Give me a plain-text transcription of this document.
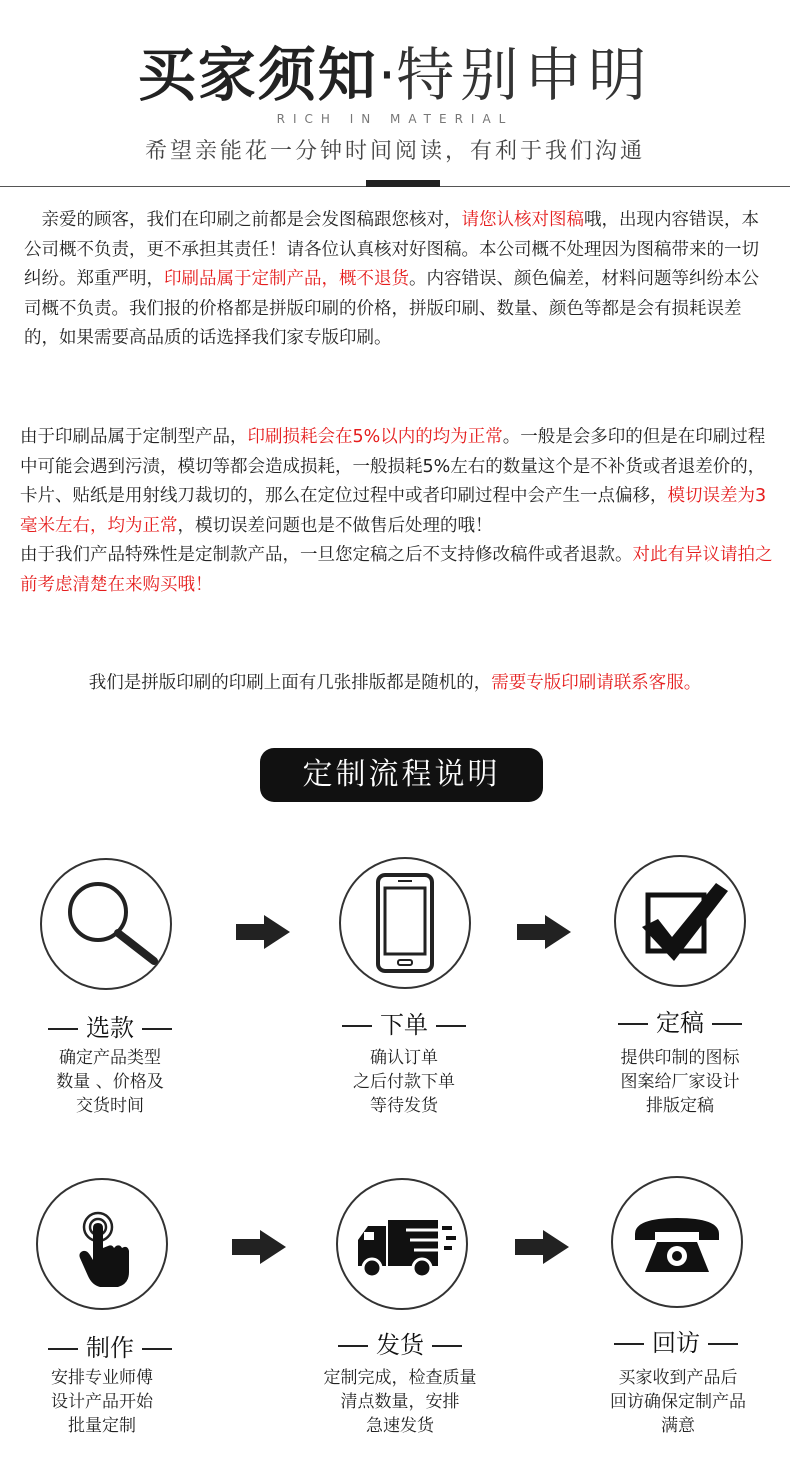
买家须知·特别申明
RICH IN MATERIAL
希望亲能花一分钟时间阅读，有利于我们沟通
亲爱的顾客，我们在印刷之前都是会发图稿跟您核对，请您认核对图稿哦，出现内容错误，本公司概不负责，更不承担其责任！请各位认真核对好图稿。本公司概不处理因为图稿带来的一切纠纷。郑重严明，印刷品属于定制产品，概不退货。内容错误、颜色偏差，材料问题等纠纷本公司概不负责。我们报的价格都是拼版印刷的价格，拼版印刷、数量、颜色等都是会有损耗误差的，如果需要高品质的话选择我们家专版印刷。
由于印刷品属于定制型产品，印刷损耗会在5%以内的均为正常。一般是会多印的但是在印刷过程中可能会遇到污渍，模切等都会造成损耗，一般损耗5%左右的数量这个是不补货或者退差价的，卡片、贴纸是用射线刀裁切的，那么在定位过程中或者印刷过程中会产生一点偏移，模切误差为3毫米左右，均为正常，模切误差问题也是不做售后处理的哦！
由于我们产品特殊性是定制款产品，一旦您定稿之后不支持修改稿件或者退款。对此有异议请拍之前考虑清楚在来购买哦！
我们是拼版印刷的印刷上面有几张排版都是随机的，需要专版印刷请联系客服。
定制流程说明
选款
确定产品类型
数量 、价格及
交货时间
下单
确认订单
之后付款下单
等待发货
定稿
提供印制的图标
图案给厂家设计
排版定稿
制作
安排专业师傅
设计产品开始
批量定制
发货
定制完成，检查质量
清点数量，安排
急速发货
回访
买家收到产品后
回访确保定制产品
满意
